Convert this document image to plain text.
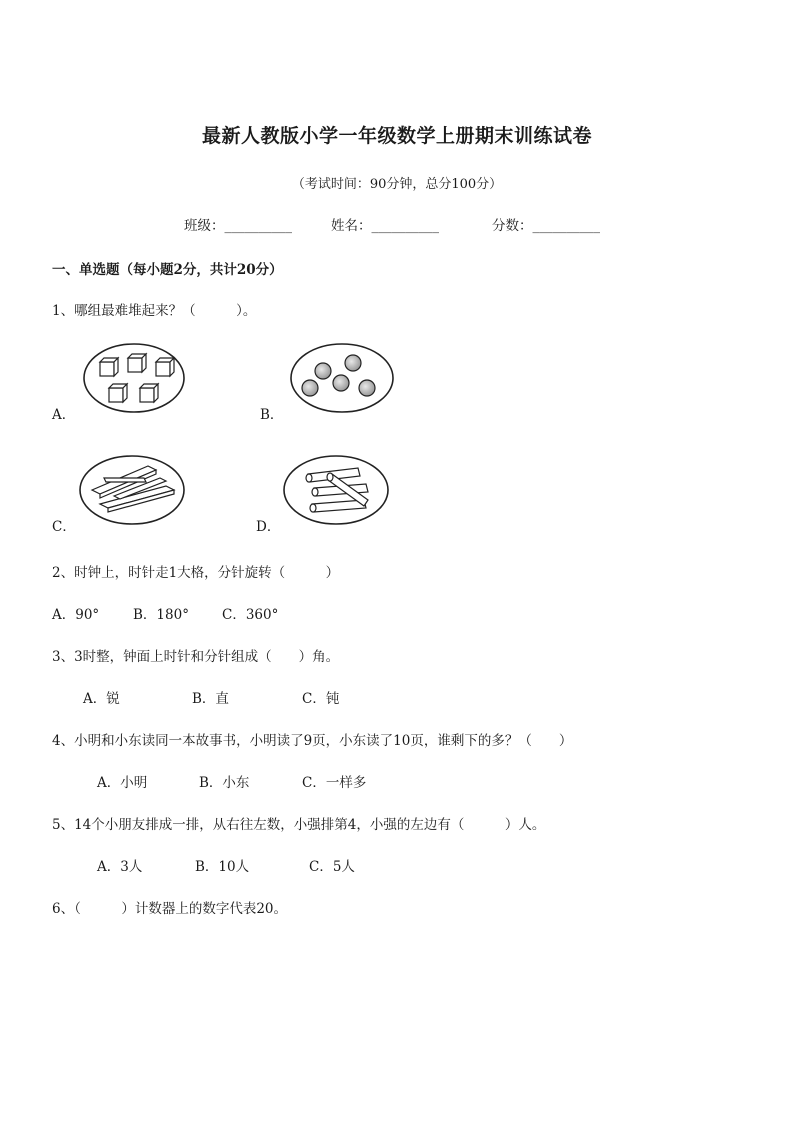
最新人教版小学一年级数学上册期末训练试卷
（考试时间：90分钟，总分100分）
班级：__________	姓名：__________	分数：__________
一、单选题（每小题2分，共计20分）
1、哪组最难堆起来？（　　　）。
A．	B．
C．	D．
2、时钟上，时针走1大格，分针旋转（　　　）
A．90°	B．180° C．360°
3、3时整，钟面上时针和分针组成（　　）角。
A．锐	B．直	C．钝
4、小明和小东读同一本故事书，小明读了9页，小东读了10页，谁剩下的多？（　　）
A．小明	B．小东	C．一样多
5、14个小朋友排成一排，从右往左数，小强排第4，小强的左边有（　　　）人。
A．3人	B．10人	C．5人
6、（　　　）计数器上的数字代表20。
